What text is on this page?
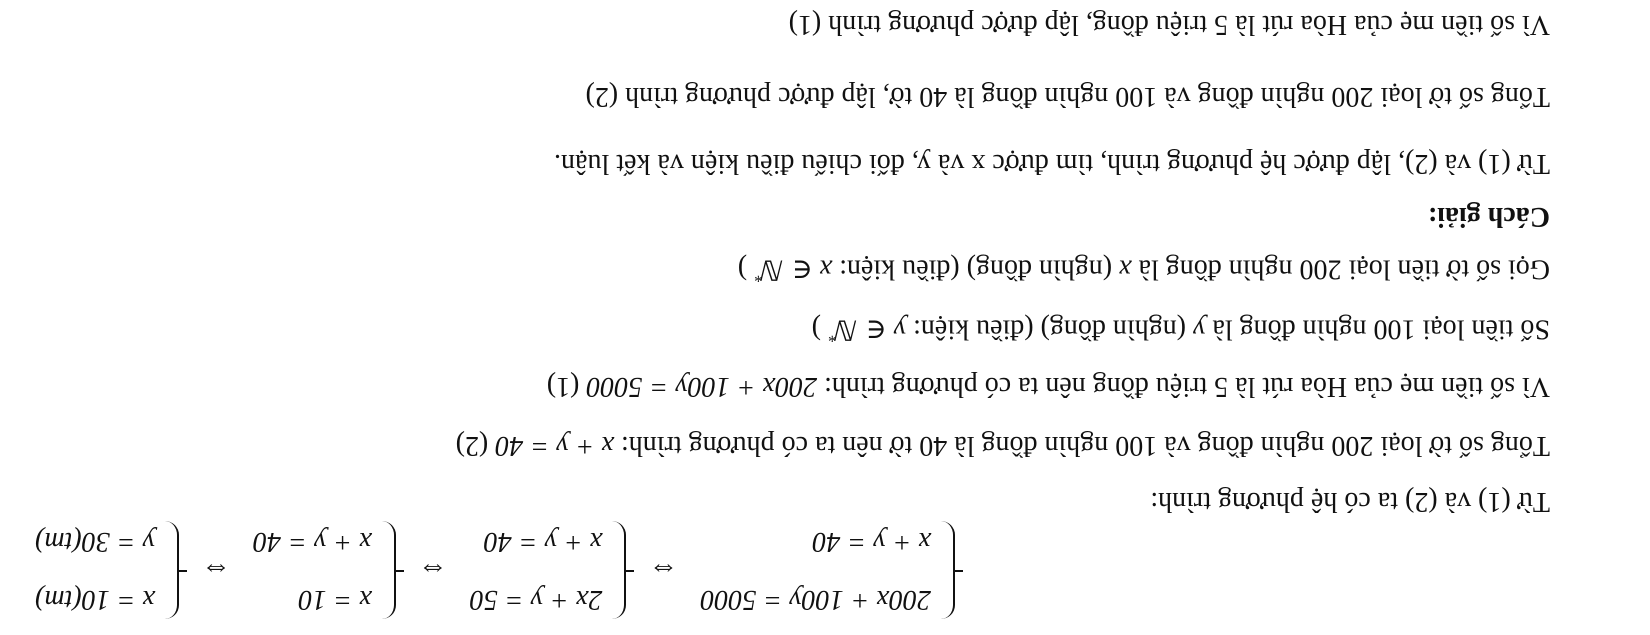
Vì số tiền mẹ của Hòa rút là 5 triệu đồng, lập được phương trình (1)
Tổng số tờ loại 200 nghìn đồng và 100 nghìn đồng là 40 tờ, lập được phương trình (2)
Từ (1) và (2), lập được hệ phương trình, tìm được x và y, đối chiếu điều kiện và kết luận.
Cách giải:
Gọi số tờ tiền loại 200 nghìn đồng là x (nghìn đồng) (điều kiện: x ∈ ℕ* )
Số tiền loại 100 nghìn đồng là y (nghìn đồng) (điều kiện: y ∈ ℕ* )
Vì số tiền mẹ của Hòa rút là 5 triệu đồng nên ta có phương trình: 200x + 100y = 5000 (1)
Tổng số tờ loại 200 nghìn đồng và 100 nghìn đồng là 40 tờ nên ta có phương trình: x + y = 40 (2)
Từ (1) và (2) ta có hệ phương trình:
200x + 100y = 5000
x + y = 40
⇔
2x + y = 50
x + y = 40
⇔
x = 10
x + y = 40
⇔
x = 10(tm)
y = 30(tm)
